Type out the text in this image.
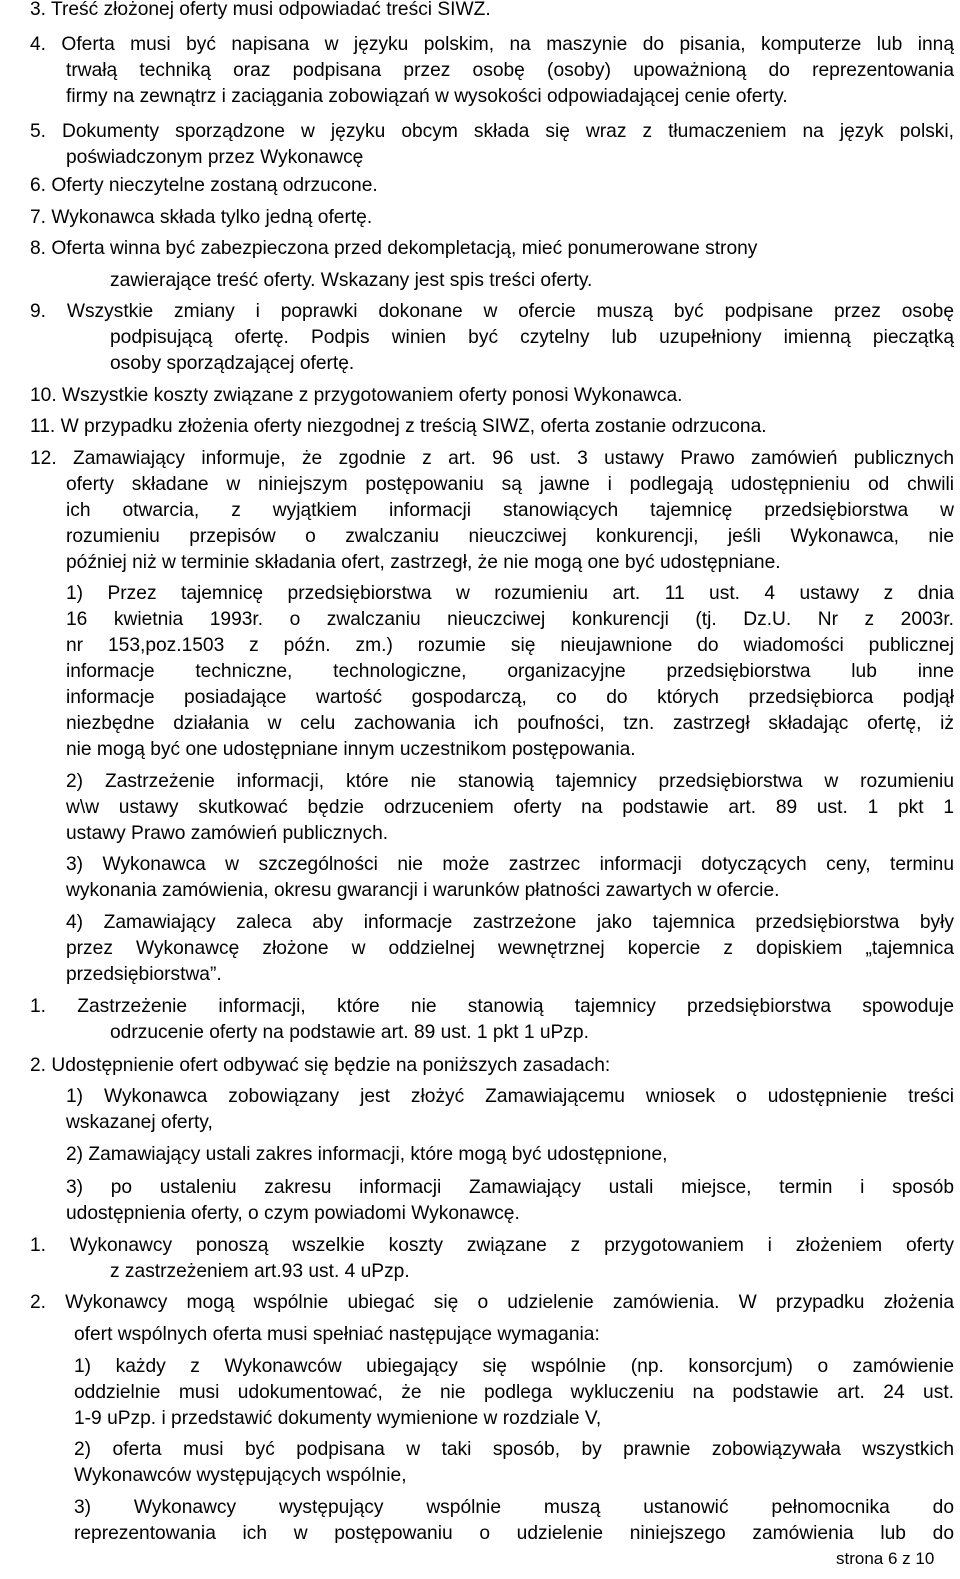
3. Treść złożonej oferty musi odpowiadać treści SIWZ.
4. Oferta musi być napisana w języku polskim, na maszynie do pisania, komputerze lub inną
trwałą techniką oraz podpisana przez osobę (osoby) upoważnioną do reprezentowania
firmy na zewnątrz i zaciągania zobowiązań w wysokości odpowiadającej cenie oferty.
5. Dokumenty sporządzone w języku obcym składa się wraz z tłumaczeniem na język polski,
poświadczonym przez Wykonawcę
6. Oferty nieczytelne zostaną odrzucone.
7. Wykonawca składa tylko jedną ofertę.
8. Oferta winna być zabezpieczona przed dekompletacją, mieć ponumerowane strony
zawierające treść oferty. Wskazany jest spis treści oferty.
9. Wszystkie zmiany i poprawki dokonane w ofercie muszą być podpisane przez osobę
podpisującą ofertę. Podpis winien być czytelny lub uzupełniony imienną pieczątką
osoby sporządzającej ofertę.
10. Wszystkie koszty związane z przygotowaniem oferty ponosi Wykonawca.
11. W przypadku złożenia oferty niezgodnej z treścią SIWZ, oferta zostanie odrzucona.
12. Zamawiający informuje, że zgodnie z art. 96 ust. 3 ustawy Prawo zamówień publicznych
oferty składane w niniejszym postępowaniu są jawne i podlegają udostępnieniu od chwili
ich otwarcia, z wyjątkiem informacji stanowiących tajemnicę przedsiębiorstwa w
rozumieniu przepisów o zwalczaniu nieuczciwej konkurencji, jeśli Wykonawca, nie
później niż w terminie składania ofert, zastrzegł, że nie mogą one być udostępniane.
1) Przez tajemnicę przedsiębiorstwa w rozumieniu art. 11 ust. 4 ustawy z dnia
16 kwietnia 1993r. o zwalczaniu nieuczciwej konkurencji (tj. Dz.U. Nr z 2003r.
nr 153,poz.1503 z późn. zm.) rozumie się nieujawnione do wiadomości publicznej
informacje techniczne, technologiczne, organizacyjne przedsiębiorstwa lub inne
informacje posiadające wartość gospodarczą, co do których przedsiębiorca podjął
niezbędne działania w celu zachowania ich poufności, tzn. zastrzegł składając ofertę, iż
nie mogą być one udostępniane innym uczestnikom postępowania.
2) Zastrzeżenie informacji, które nie stanowią tajemnicy przedsiębiorstwa w rozumieniu
w\w ustawy skutkować będzie odrzuceniem oferty na podstawie art. 89 ust. 1 pkt 1
ustawy Prawo zamówień publicznych.
3) Wykonawca w szczególności nie może zastrzec informacji dotyczących ceny, terminu
wykonania zamówienia, okresu gwarancji i warunków płatności zawartych w ofercie.
4) Zamawiający zaleca aby informacje zastrzeżone jako tajemnica przedsiębiorstwa były
przez Wykonawcę złożone w oddzielnej wewnętrznej kopercie z dopiskiem „tajemnica
przedsiębiorstwa”.
1. Zastrzeżenie informacji, które nie stanowią tajemnicy przedsiębiorstwa spowoduje
odrzucenie oferty na podstawie art. 89 ust. 1 pkt 1 uPzp.
2. Udostępnienie ofert odbywać się będzie na poniższych zasadach:
1) Wykonawca zobowiązany jest złożyć Zamawiającemu wniosek o udostępnienie treści
wskazanej oferty,
2) Zamawiający ustali zakres informacji, które mogą być udostępnione,
3) po ustaleniu zakresu informacji Zamawiający ustali miejsce, termin i sposób
udostępnienia oferty, o czym powiadomi Wykonawcę.
1. Wykonawcy ponoszą wszelkie koszty związane z przygotowaniem i złożeniem oferty
z zastrzeżeniem art.93 ust. 4 uPzp.
2. Wykonawcy mogą wspólnie ubiegać się o udzielenie zamówienia. W przypadku złożenia
ofert wspólnych oferta musi spełniać następujące wymagania:
1) każdy z Wykonawców ubiegający się wspólnie (np. konsorcjum) o zamówienie
oddzielnie musi udokumentować, że nie podlega wykluczeniu na podstawie art. 24 ust.
1-9 uPzp. i przedstawić dokumenty wymienione w rozdziale V,
2) oferta musi być podpisana w taki sposób, by prawnie zobowiązywała wszystkich
Wykonawców występujących wspólnie,
3) Wykonawcy występujący wspólnie muszą ustanowić pełnomocnika do
reprezentowania ich w postępowaniu o udzielenie niniejszego zamówienia lub do
strona 6 z 10
